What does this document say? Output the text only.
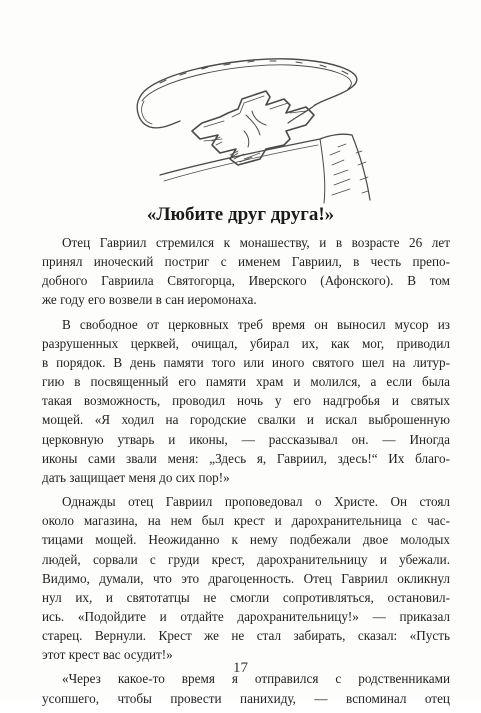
«Любите друг друга!»
Отец Гавриил стремился к монашеству, и в возрасте 26 лет
принял иноческий постриг с именем Гавриил, в честь препо-
добного Гавриила Святогорца, Иверского (Афонского). В том
же году его возвели в сан иеромонаха.
В свободное от церковных треб время он выносил мусор из
разрушенных церквей, очищал, убирал их, как мог, приводил
в порядок. В день памяти того или иного святого шел на литур-
гию в посвященный его памяти храм и молился, а если была
такая возможность, проводил ночь у его надгробья и святых
мощей. «Я ходил на городские свалки и искал выброшенную
церковную утварь и иконы, — рассказывал он. — Иногда
иконы сами звали меня: „Здесь я, Гавриил, здесь!“ Их благо-
дать защищает меня до сих пор!»
Однажды отец Гавриил проповедовал о Христе. Он стоял
около магазина, на нем был крест и дарохранительница с час-
тицами мощей. Неожиданно к нему подбежали двое молодых
людей, сорвали с груди крест, дарохранительницу и убежали.
Видимо, думали, что это драгоценность. Отец Гавриил окликнул
нул их, и святотатцы не смогли сопротивляться, остановил-
ись. «Подойдите и отдайте дарохранительницу!» — приказал
старец. Вернули. Крест же не стал забирать, сказал: «Пусть
этот крест вас осудит!»
«Через какое-то время я отправился с родственниками
усопшего, чтобы провести панихиду, — вспоминал отец
17
